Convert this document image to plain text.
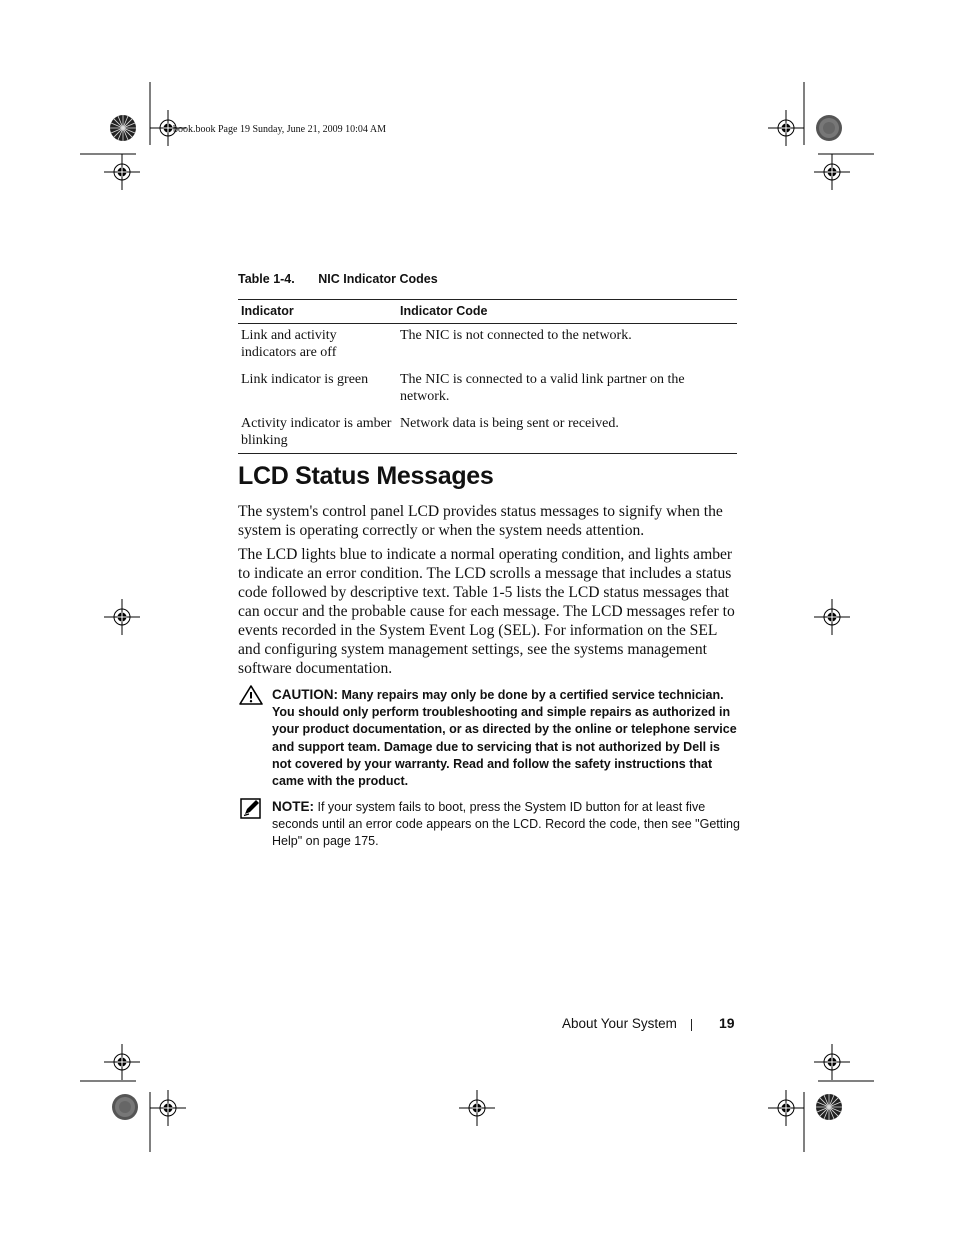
book.book Page 19 Sunday, June 21, 2009 10:04 AM
Table 1-4. NIC Indicator Codes
Indicator	Indicator Code
Link and activity indicators are off	The NIC is not connected to the network.
Link indicator is green	The NIC is connected to a valid link partner on the network.
Activity indicator is amber blinking	Network data is being sent or received.
LCD Status Messages
The system's control panel LCD provides status messages to signify when the system is operating correctly or when the system needs attention.
The LCD lights blue to indicate a normal operating condition, and lights amber to indicate an error condition. The LCD scrolls a message that includes a status code followed by descriptive text. Table 1-5 lists the LCD status messages that can occur and the probable cause for each message. The LCD messages refer to events recorded in the System Event Log (SEL). For information on the SEL and configuring system management settings, see the systems management software documentation.
CAUTION: Many repairs may only be done by a certified service technician. You should only perform troubleshooting and simple repairs as authorized in your product documentation, or as directed by the online or telephone service and support team. Damage due to servicing that is not authorized by Dell is not covered by your warranty. Read and follow the safety instructions that came with the product.
NOTE: If your system fails to boot, press the System ID button for at least five seconds until an error code appears on the LCD. Record the code, then see "Getting Help" on page 175.
About Your System	19
